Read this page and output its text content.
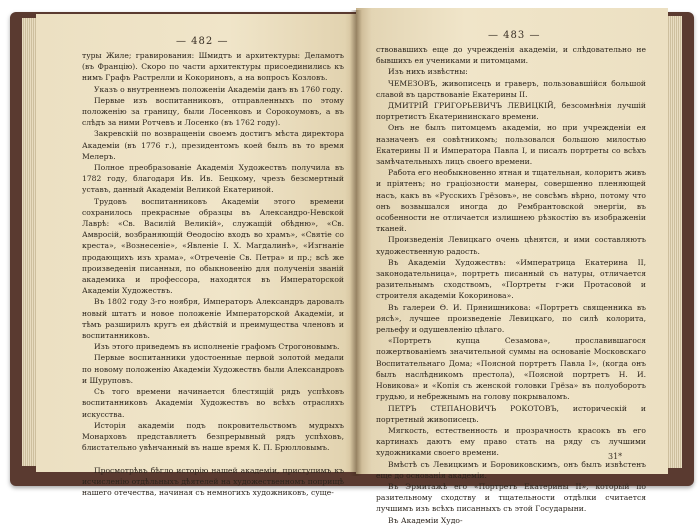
— 482 —
туры Жиле; гравирования: Шмидтъ и архитектуры: Деламотъ (въ Францію). Скоро по части архитектуры присоединились къ нимъ Графъ Растрелли и Кокориновъ, а на вопросъ Козловъ.
Указъ о внутреннемъ положеніи Академіи данъ въ 1760 году.
Первые изъ воспитанниковъ, отправленныхъ по этому положенію за границу, были Лосенковъ и Сорокоумовъ, а въ слѣдъ за ними Ротчевъ и Лосенко (въ 1762 году).
Закревскій по возвращеніи своемъ достигъ мѣста директора Академіи (въ 1776 г.), президентомъ коей былъ въ то время Мелеръ.
Полное преобразованіе Академія Художествъ получила въ 1782 году, благодаря Ив. Ив. Бецкому, чрезъ безсмертный уставъ, данный Академіи Великой Екатериной.
Трудовъ воспитанниковъ Академіи этого времени сохранилось прекрасные образцы въ Александро-Невской Лаврѣ: «Св. Василій Великій», служащій обѣдню», «Св. Амвросій, возбраняющій Ѳеодосію входъ во храмъ», «Святіе со креста», «Вознесеніе», «Явленіе І. Х. Магдалинѣ», «Изгнаніе продающихъ изъ храма», «Отреченіе Св. Петра» и пр.; всѣ же произведенія писанныя, по обыкновенію для полученія званій академика и профессора, находятся въ Императорской Академіи Художествъ.
Въ 1802 году 3-го ноября, Императоръ Александръ даровалъ новый штатъ и новое положеніе Императорской Академіи, и тѣмъ разширилъ кругъ ея дѣйствій и преимущества членовъ и воспитанниковъ.
Изъ этого приведемъ въ исполненіе графомъ Строгоновымъ.
Первые воспитанники удостоенные первой золотой медали по новому положенію Академіи Художествъ были Александровъ и Шуруповъ.
Съ того времени начинается блестящій рядъ успѣховъ воспитанниковъ Академіи Художествъ во всѣхъ отрасляхъ искусства.
Исторія академіи подъ покровительствомъ мудрыхъ Монарховъ представляетъ безпрерывный рядъ успѣховъ, блистательно увѣнчанный въ наше время К. П. Брюлловымъ.
Просмотрѣвъ бѣгло исторію нашей академіи, приступимъ къ исчисленію отдѣльныхъ дѣятелей на художественномъ поприщѣ нашего отечества, начиная съ немногихъ художниковъ, суще-
— 483 —
ствовавшихъ еще до учрежденія академіи, и слѣдовательно не бывшихъ ея учениками и питомцами.
Изъ нихъ извѣстны:
ЧЕМЕЗОВЪ, живописецъ и граверъ, пользовавшійся большой славой въ царствованіе Екатерины II.
ДМИТРІЙ ГРИГОРЬЕВИЧЪ ЛЕВИЦКІЙ, безсомнѣнія лучшій портретистъ Екатерининскаго времени.
Онъ не былъ питомцемъ академіи, но при учрежденіи ея назначенъ ея совѣтникомъ; пользовался большою милостью Екатерины II и Императора Павла I, и писалъ портреты со всѣхъ замѣчательныхъ лицъ своего времени.
Работа его необыкновенно ятная и тщательная, колоритъ живъ и пріятенъ; но граціозности манеры, совершенно пленяющей насъ, какъ въ «Русскихъ Грёзовъ», не совсѣмъ вѣрно, потому что онъ возвышался иногда до Рембрантовской энергіи, въ особенности не отличается излишнею рѣзкостію въ изображеніи тканей.
Произведенія Левицкаго очень цѣнятся, и ими составляютъ художественную радость.
Въ Академіи Художествъ: «Императрица Екатерина II, законодательница», портретъ писанный съ натуры, отличается разительнымъ сходствомъ, «Портреты г-жи Протасовой и строителя академіи Кокоринова».
Въ галереи Ѳ. И. Прянишникова: «Портретъ священника въ рясѣ», лучшее произведеніе Левицкаго, по силѣ колорита, рельефу и одушевленію цѣлаго.
«Портретъ купца Сезамова», прославившагося пожертвованіемъ значительной суммы на основаніе Московскаго Воспитательнаго Дома; «Поясной портретъ Павла I», (когда онъ былъ наслѣдникомъ престола), «Поясной портретъ Н. И. Новикова» и «Копія съ женской головки Грёза» въ полуоборотъ грудью, и небрежнымъ на голову покрываломъ.
ПЕТРЪ СТЕПАНОВИЧЪ РОКОТОВЪ, историческій и портретный живописецъ.
Мягкость, естественность и прозрачность красокъ въ его картинахъ даютъ ему право стать на ряду съ лучшими художниками своего времени.
Вмѣстѣ съ Левицкимъ и Боровиковскимъ, онъ былъ извѣстенъ еще до основанія академіи.
Въ Эрмитажѣ его «Портретъ Екатерины II», который по разительному сходству и тщательности отдѣлки считается лучшимъ изъ всѣхъ писанныхъ съ этой Государыни.
Въ Академіи Худо-
31*
